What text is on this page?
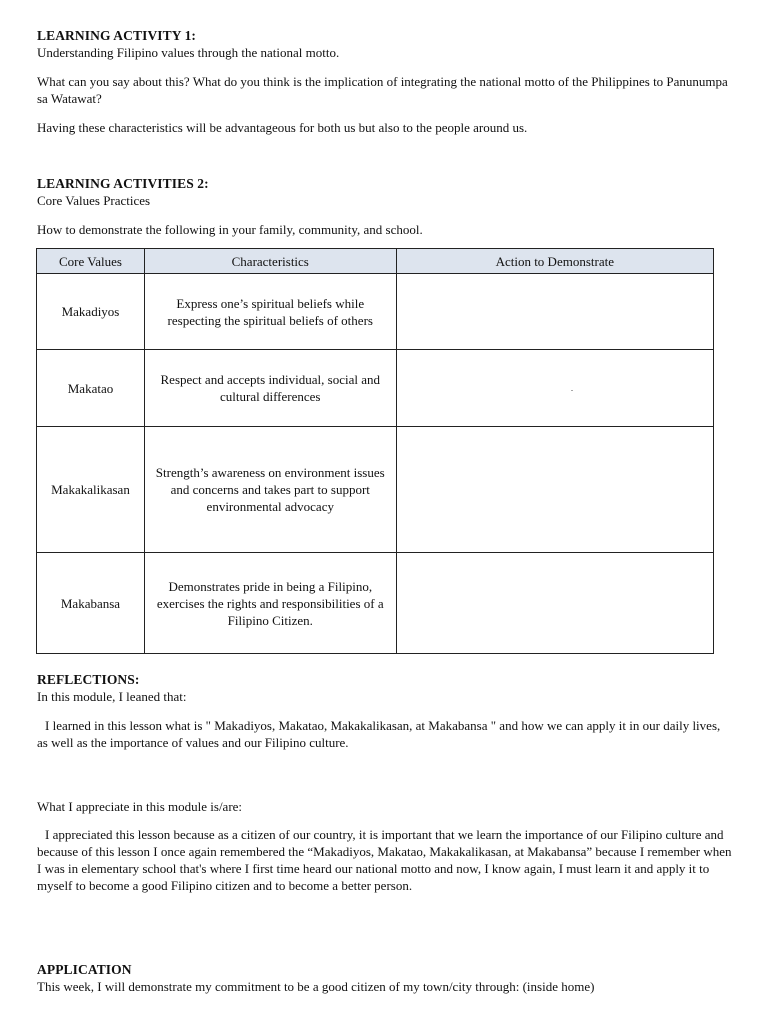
LEARNING ACTIVITY 1:

Understanding Filipino values through the national motto.

What can you say about this? What do you think is the implication of integrating the national motto of the Philippines to Panunumpa sa Watawat?

Having these characteristics will be advantageous for both us but also to the people around us.

LEARNING ACTIVITIES 2:

Core Values Practices

How to demonstrate the following in your family, community, and school.

Core Values	Characteristics	Action to Demonstrate
Makadiyos	Express one’s spiritual beliefs while respecting the spiritual beliefs of others	
Makatao	Respect and accepts individual, social and cultural differences	.
Makakalikasan	Strength’s awareness on environment issues and concerns and takes part to support environmental advocacy	
Makabansa	Demonstrates pride in being a Filipino, exercises the rights and responsibilities of a Filipino Citizen.	

REFLECTIONS:

In this module, I leaned that:

I learned in this lesson what is " Makadiyos, Makatao, Makakalikasan, at Makabansa " and how we can apply it in our daily lives, as well as the importance of values and our Filipino culture.

What I appreciate in this module is/are:

I appreciated this lesson because as a citizen of our country, it is important that we learn the importance of our Filipino culture and because of this lesson I once again remembered the “Makadiyos, Makatao, Makakalikasan, at Makabansa” because I remember when I was in elementary school that's where I first time heard our national motto and now, I know again, I must learn it and apply it to myself to become a good Filipino citizen and to become a better person.

APPLICATION

This week, I will demonstrate my commitment to be a good citizen of my town/city through: (inside home)
